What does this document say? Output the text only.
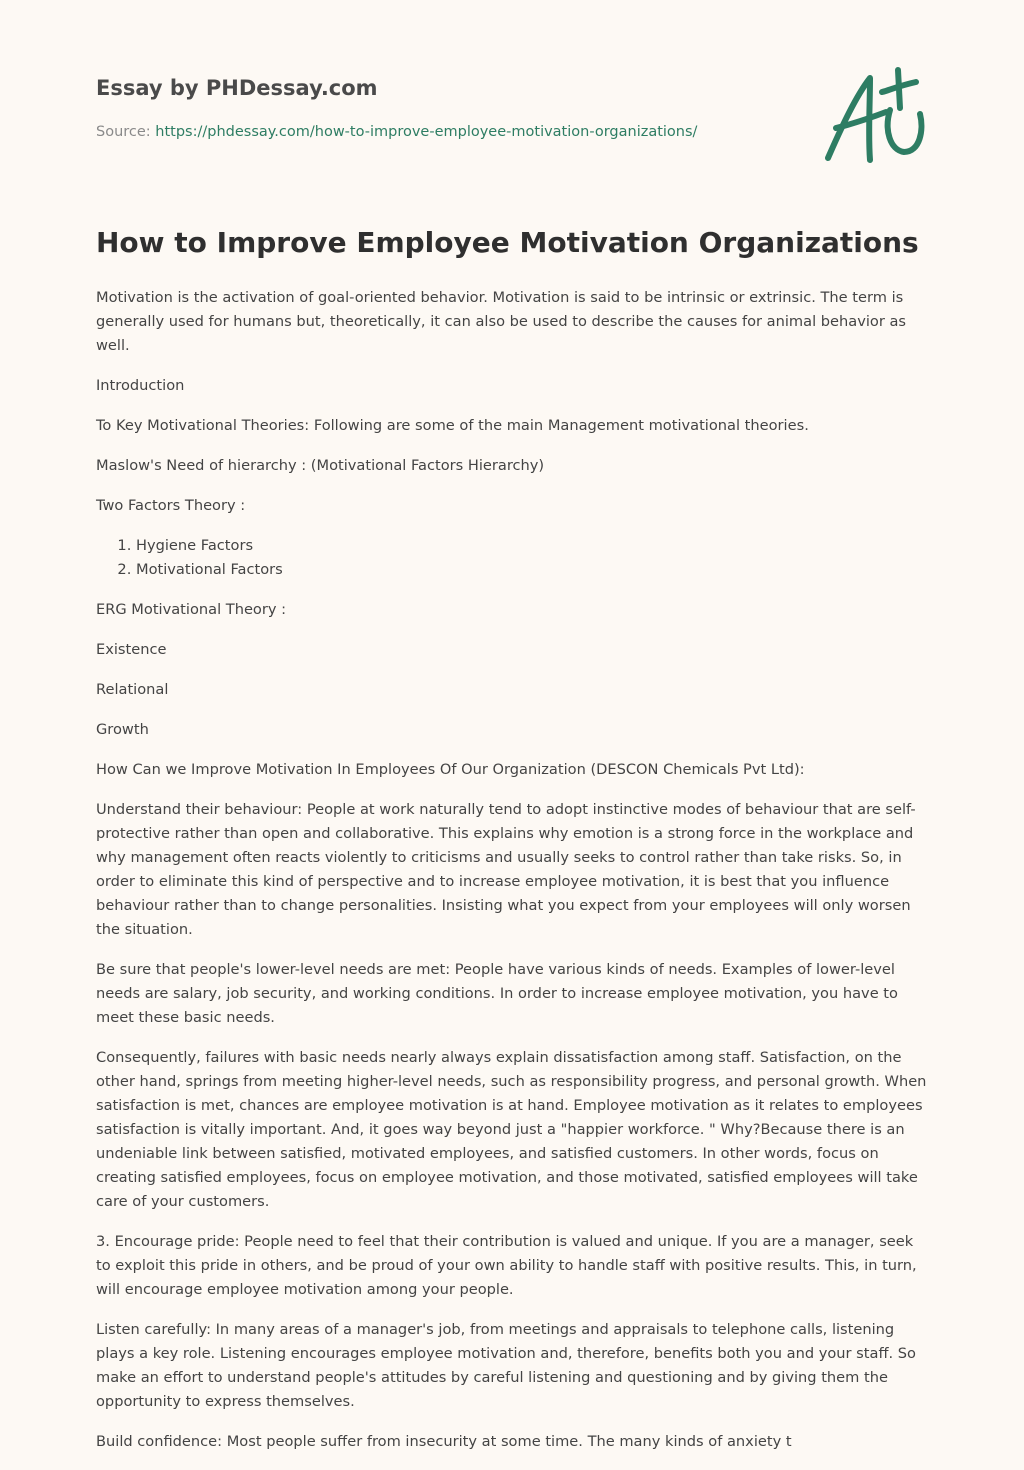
Essay by PHDessay.com
Source: https://phdessay.com/how-to-improve-employee-motivation-organizations/
How to Improve Employee Motivation Organizations

Motivation is the activation of goal-oriented behavior. Motivation is said to be intrinsic or extrinsic. The term is generally used for humans but, theoretically, it can also be used to describe the causes for animal behavior as well.

Introduction

To Key Motivational Theories: Following are some of the main Management motivational theories.

Maslow's Need of hierarchy : (Motivational Factors Hierarchy)

Two Factors Theory :

1. Hygiene Factors
2. Motivational Factors

ERG Motivational Theory :

Existence

Relational

Growth

How Can we Improve Motivation In Employees Of Our Organization (DESCON Chemicals Pvt Ltd):

Understand their behaviour: People at work naturally tend to adopt instinctive modes of behaviour that are self-protective rather than open and collaborative. This explains why emotion is a strong force in the workplace and why management often reacts violently to criticisms and usually seeks to control rather than take risks. So, in order to eliminate this kind of perspective and to increase employee motivation, it is best that you influence behaviour rather than to change personalities. Insisting what you expect from your employees will only worsen the situation.

Be sure that people's lower-level needs are met: People have various kinds of needs. Examples of lower-level needs are salary, job security, and working conditions. In order to increase employee motivation, you have to meet these basic needs.

Consequently, failures with basic needs nearly always explain dissatisfaction among staff. Satisfaction, on the other hand, springs from meeting higher-level needs, such as responsibility progress, and personal growth. When satisfaction is met, chances are employee motivation is at hand. Employee motivation as it relates to employees satisfaction is vitally important. And, it goes way beyond just a "happier workforce. " Why?Because there is an undeniable link between satisfied, motivated employees, and satisfied customers. In other words, focus on creating satisfied employees, focus on employee motivation, and those motivated, satisfied employees will take care of your customers.

3. Encourage pride: People need to feel that their contribution is valued and unique. If you are a manager, seek to exploit this pride in others, and be proud of your own ability to handle staff with positive results. This, in turn, will encourage employee motivation among your people.

Listen carefully: In many areas of a manager's job, from meetings and appraisals to telephone calls, listening plays a key role. Listening encourages employee motivation and, therefore, benefits both you and your staff. So make an effort to understand people's attitudes by careful listening and questioning and by giving them the opportunity to express themselves.

Build confidence: Most people suffer from insecurity at some time. The many kinds of anxiety t
